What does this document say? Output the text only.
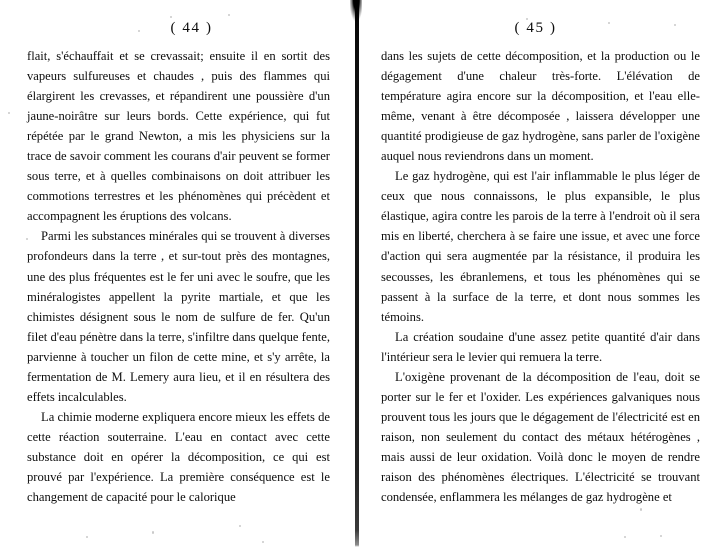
( 44 )

flait, s'échauffait et se crevassait; ensuite il en sortit des vapeurs sulfureuses et chaudes , puis des flammes qui élargirent les crevasses, et répandirent une poussière d'un jaune-noirâtre sur leurs bords. Cette expérience, qui fut répétée par le grand Newton, a mis les physiciens sur la trace de savoir comment les courans d'air peuvent se former sous terre, et à quelles combinaisons on doit attribuer les commotions terrestres et les phénomènes qui précèdent et accompagnent les éruptions des volcans.

Parmi les substances minérales qui se trouvent à diverses profondeurs dans la terre , et sur-tout près des montagnes, une des plus fréquentes est le fer uni avec le soufre, que les minéralogistes appellent la pyrite martiale, et que les chimistes désignent sous le nom de sulfure de fer. Qu'un filet d'eau pénètre dans la terre, s'infiltre dans quelque fente, parvienne à toucher un filon de cette mine, et s'y arrête, la fermentation de M. Lemery aura lieu, et il en résultera des effets incalculables.

La chimie moderne expliquera encore mieux les effets de cette réaction souterraine. L'eau en contact avec cette substance doit en opérer la décomposition, ce qui est prouvé par l'expérience. La première conséquence est le changement de capacité pour le calorique

( 45 )

dans les sujets de cette décomposition, et la production ou le dégagement d'une chaleur très-forte. L'élévation de température agira encore sur la décomposition, et l'eau elle-même, venant à être décomposée , laissera développer une quantité prodigieuse de gaz hydrogène, sans parler de l'oxigène auquel nous reviendrons dans un moment.

Le gaz hydrogène, qui est l'air inflammable le plus léger de ceux que nous connaissons, le plus expansible, le plus élastique, agira contre les parois de la terre à l'endroit où il sera mis en liberté, cherchera à se faire une issue, et avec une force d'action qui sera augmentée par la résistance, il produira les secousses, les ébranlemens, et tous les phénomènes qui se passent à la surface de la terre, et dont nous sommes les témoins.

La création soudaine d'une assez petite quantité d'air dans l'intérieur sera le levier qui remuera la terre.

L'oxigène provenant de la décomposition de l'eau, doit se porter sur le fer et l'oxider. Les expériences galvaniques nous prouvent tous les jours que le dégagement de l'électricité est en raison, non seulement du contact des métaux hétérogènes , mais aussi de leur oxidation. Voilà donc le moyen de rendre raison des phénomènes électriques. L'électricité se trouvant condensée, enflammera les mélanges de gaz hydrogène et
